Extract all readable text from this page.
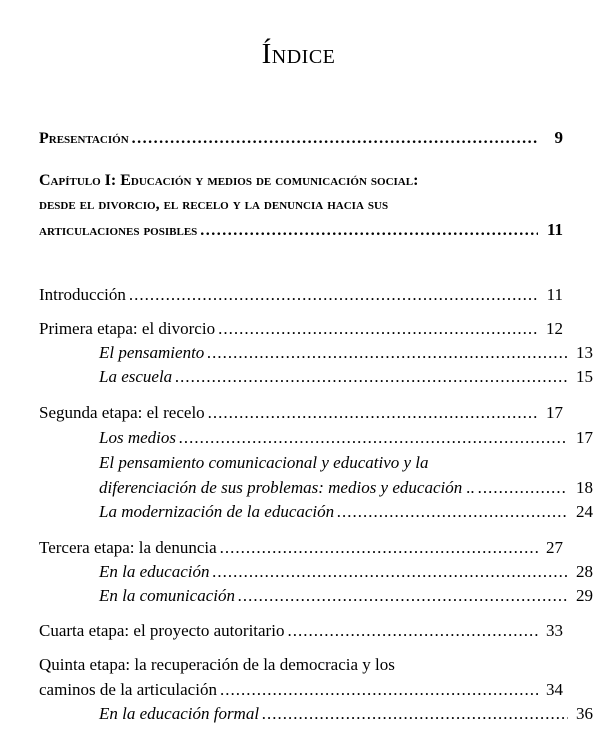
Índice
Presentación .....	9
Capítulo I: Educación y medios de comunicación social:
desde el divorcio, el recelo y la denuncia hacia sus
articulaciones posibles .....	11
Introducción .....	11
Primera etapa: el divorcio .....	12
El pensamiento .....	13
La escuela .....	15
Segunda etapa: el recelo .....	17
Los medios .....	17
El pensamiento comunicacional y educativo y la
diferenciación de sus problemas: medios y educación .. .....	18
La modernización de la educación .....	24
Tercera etapa: la denuncia .....	27
En la educación .....	28
En la comunicación .....	29
Cuarta etapa: el proyecto autoritario .....	33
Quinta etapa: la recuperación de la democracia y los
caminos de la articulación .....	34
En la educación formal .....	36
